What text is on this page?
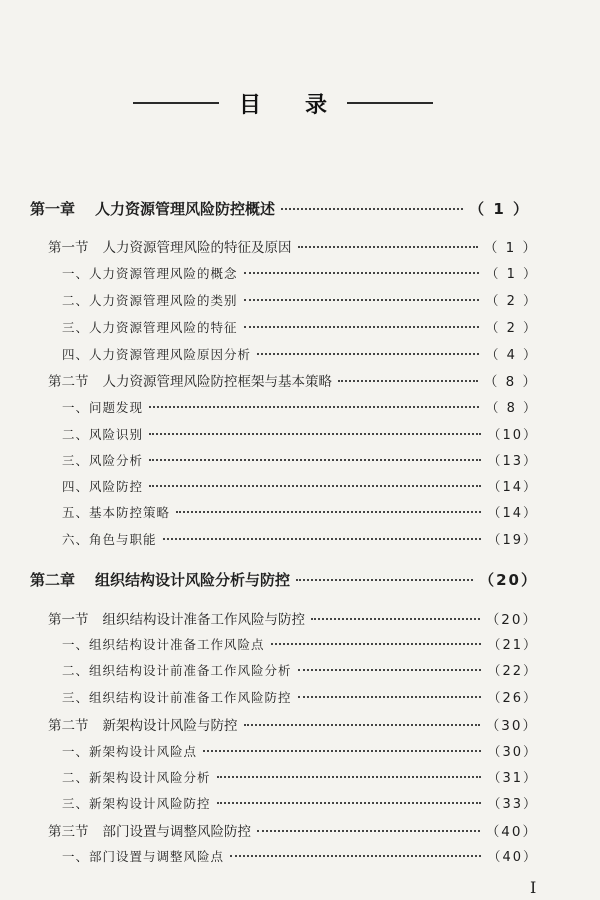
目录
第一章 人力资源管理风险防控概述	（ 1 ）
第一节 人力资源管理风险的特征及原因	（ 1 ）
一、人力资源管理风险的概念	（ 1 ）
二、人力资源管理风险的类别	（ 2 ）
三、人力资源管理风险的特征	（ 2 ）
四、人力资源管理风险原因分析	（ 4 ）
第二节 人力资源管理风险防控框架与基本策略	（ 8 ）
一、问题发现	（ 8 ）
二、风险识别	（10）
三、风险分析	（13）
四、风险防控	（14）
五、基本防控策略	（14）
六、角色与职能	（19）
第二章 组织结构设计风险分析与防控	（20）
第一节 组织结构设计准备工作风险与防控	（20）
一、组织结构设计准备工作风险点	（21）
二、组织结构设计前准备工作风险分析	（22）
三、组织结构设计前准备工作风险防控	（26）
第二节 新架构设计风险与防控	（30）
一、新架构设计风险点	（30）
二、新架构设计风险分析	（31）
三、新架构设计风险防控	（33）
第三节 部门设置与调整风险防控	（40）
一、部门设置与调整风险点	（40）
I
